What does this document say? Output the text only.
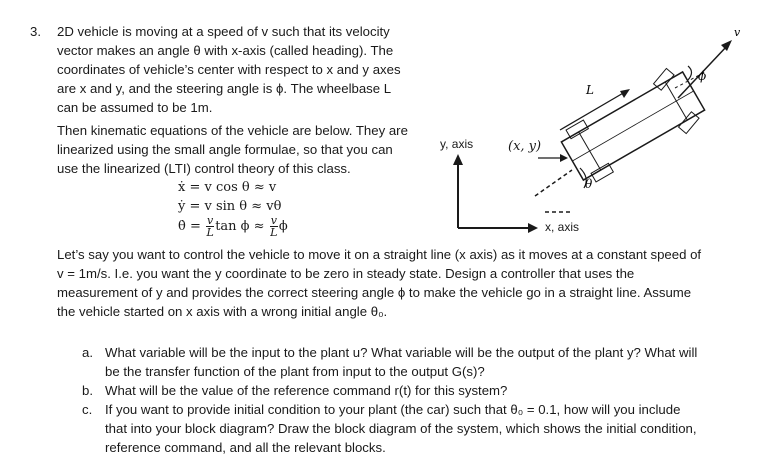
3. 2D vehicle is moving at a speed of v such that its velocity
vector makes an angle θ with x-axis (called heading). The
coordinates of vehicle’s center with respect to x and y axes
are x and y, and the steering angle is ϕ. The wheelbase L
can be assumed to be 1m.
Then kinematic equations of the vehicle are below. They are
linearized using the small angle formulae, so that you can
use the linearized (LTI) control theory of this class.
ẋ = v cos θ ≈ v
ẏ = v sin θ ≈ vθ
θ̇ = $\frac{v}{L}$ $\tan \phi \approx \frac{v}{L}$ ϕ
L
θ
ϕ
v
y, axis
x, axis
(x, y)
Let’s say you want to control the vehicle to move it on a straight line (x axis) as it moves at a constant speed of
v = 1m/s. I.e. you want the y coordinate to be zero in steady state. Design a controller that uses the
measurement of y and provides the correct steering angle ϕ to make the vehicle go in a straight line. Assume
the vehicle started on x axis with a wrong initial angle θ₀.
a. What variable will be the input to the plant u? What variable will be the output of the plant y? What will
be the transfer function of the plant from input to the output G(s)?
b. What will be the value of the reference command r(t) for this system?
c. If you want to provide initial condition to your plant (the car) such that θ₀ = 0.1, how will you include
that into your block diagram? Draw the block diagram of the system, which shows the initial condition,
reference command, and all the relevant blocks.
